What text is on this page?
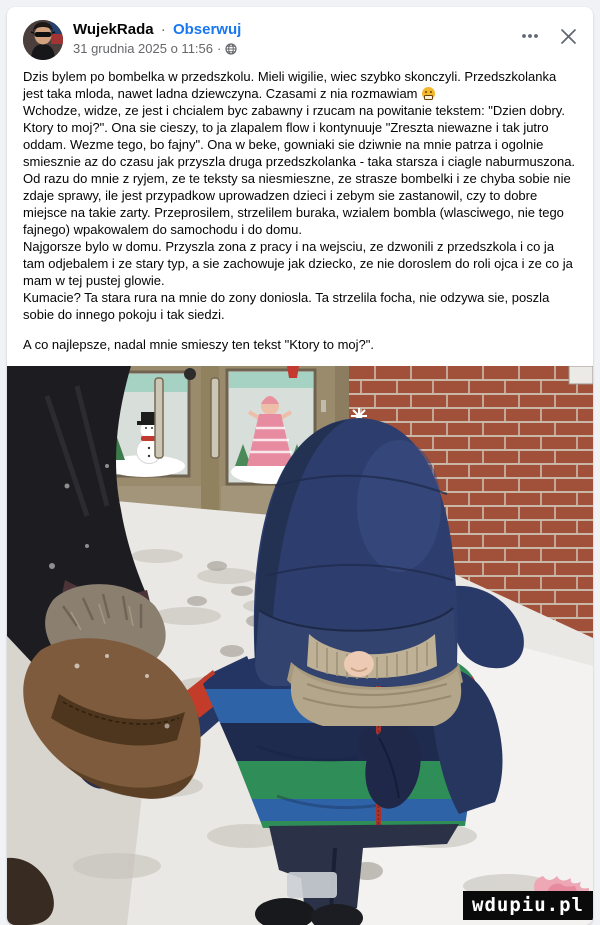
WujekRada · Obserwuj
31 grudnia 2025 o 11:56 ·
Dzis bylem po bombelka w przedszkolu. Mieli wigilie, wiec szybko skonczyli. Przedszkolanka jest taka mloda, nawet ladna dziewczyna. Czasami z nia rozmawiam
Wchodze, widze, ze jest i chcialem byc zabawny i rzucam na powitanie tekstem: "Dzien dobry. Ktory to moj?". Ona sie cieszy, to ja zlapalem flow i kontynuuje "Zreszta niewazne i tak jutro oddam. Wezme tego, bo fajny". Ona w beke, gowniaki sie dziwnie na mnie patrza i ogolnie smiesznie az do czasu jak przyszla druga przedszkolanka - taka starsza i ciagle naburmuszona. Od razu do mnie z ryjem, ze te teksty sa niesmieszne, ze strasze bombelki i ze chyba sobie nie zdaje sprawy, ile jest przypadkow uprowadzen dzieci i zebym sie zastanowil, czy to dobre miejsce na takie zarty. Przeprosilem, strzelilem buraka, wzialem bombla (wlasciwego, nie tego fajnego) wpakowalem do samochodu i do domu.
Najgorsze bylo w domu. Przyszla zona z pracy i na wejsciu, ze dzwonili z przedszkola i co ja tam odjebalem i ze stary typ, a sie zachowuje jak dziecko, ze nie doroslem do roli ojca i ze co ja mam w tej pustej glowie.
Kumacie? Ta stara rura na mnie do zony doniosla. Ta strzelila focha, nie odzywa sie, poszla sobie do innego pokoju i tak siedzi.
A co najlepsze, nadal mnie smieszy ten tekst "Ktory to moj?".
wdupiu.pl
